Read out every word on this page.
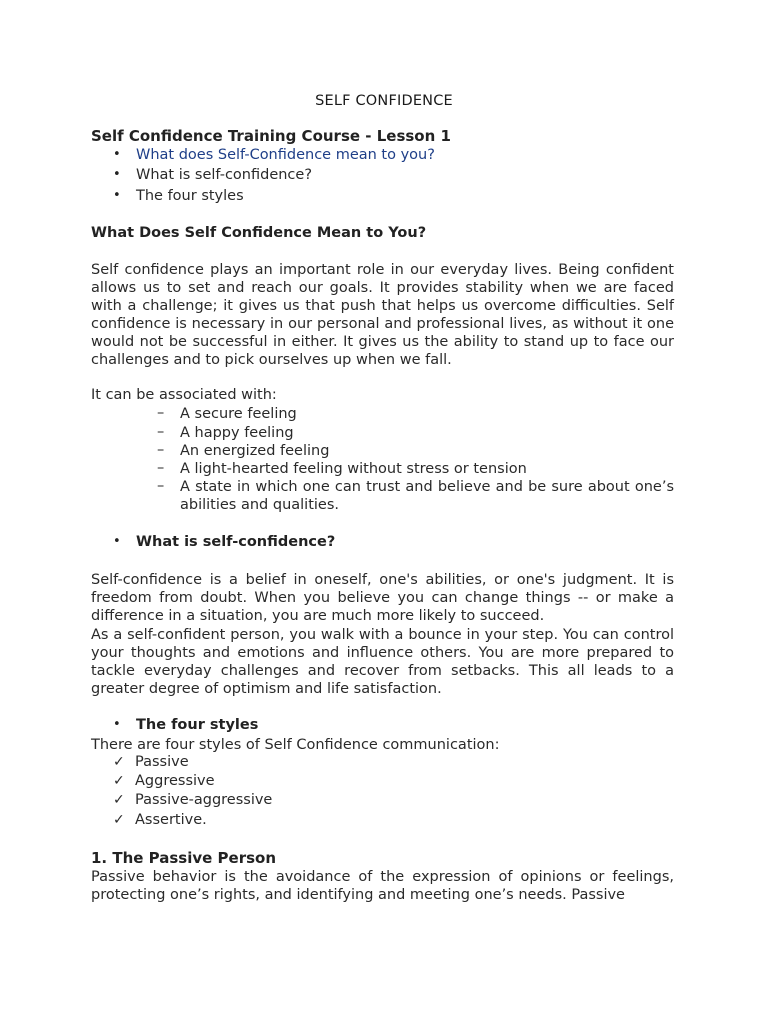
SELF CONFIDENCE
Self Confidence Training Course - Lesson 1
• What does Self-Confidence mean to you?
• What is self-confidence?
• The four styles
What Does Self Confidence Mean to You?
Self confidence plays an important role in our everyday lives. Being confident allows us to set and reach our goals. It provides stability when we are faced with a challenge; it gives us that push that helps us overcome difficulties. Self confidence is necessary in our personal and professional lives, as without it one would not be successful in either. It gives us the ability to stand up to face our challenges and to pick ourselves up when we fall.
It can be associated with:
– A secure feeling
– A happy feeling
– An energized feeling
– A light-hearted feeling without stress or tension
– A state in which one can trust and believe and be sure about one’s abilities and qualities.
• What is self-confidence?
Self-confidence is a belief in oneself, one's abilities, or one's judgment. It is freedom from doubt. When you believe you can change things -- or make a difference in a situation, you are much more likely to succeed.
As a self-confident person, you walk with a bounce in your step. You can control your thoughts and emotions and influence others. You are more prepared to tackle everyday challenges and recover from setbacks. This all leads to a greater degree of optimism and life satisfaction.
• The four styles
There are four styles of Self Confidence communication:
✓ Passive
✓ Aggressive
✓ Passive-aggressive
✓ Assertive.
1. The Passive Person
Passive behavior is the avoidance of the expression of opinions or feelings, protecting one’s rights, and identifying and meeting one’s needs. Passive
